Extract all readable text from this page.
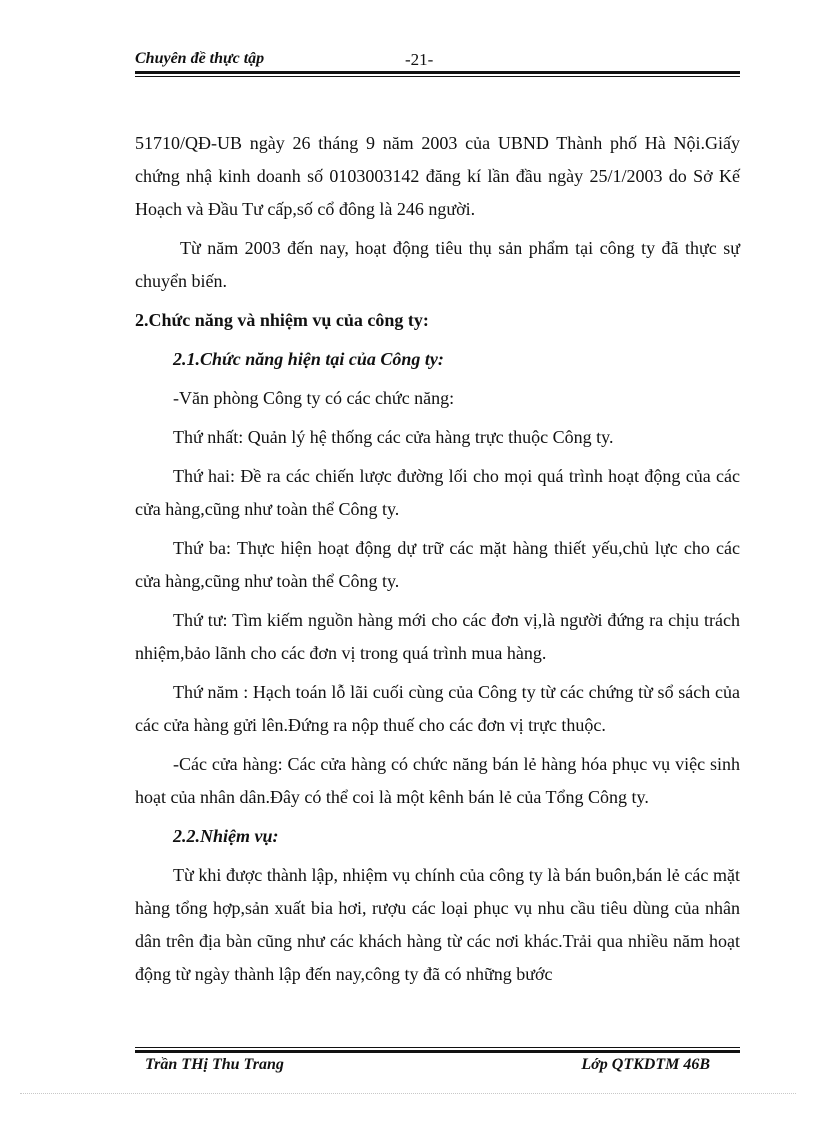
Chuyên đề thực tập	-21-

51710/QĐ-UB ngày 26 tháng 9 năm 2003 của UBND Thành phố Hà Nội.Giấy chứng nhậ kinh doanh số 0103003142 đăng kí lần đầu ngày 25/1/2003 do Sở Kế Hoạch và Đầu Tư cấp,số cổ đông là 246 người.

Từ năm 2003 đến nay, hoạt động tiêu thụ sản phẩm tại công ty đã thực sự chuyển biến.

2.Chức năng và nhiệm vụ của công ty:

2.1.Chức năng hiện tại của Công ty:

-Văn phòng Công ty có các chức năng:

Thứ nhất: Quản lý hệ thống các cửa hàng trực thuộc Công ty.

Thứ hai: Đề ra các chiến lược đường lối cho mọi quá trình hoạt động của các cửa hàng,cũng như toàn thể Công ty.

Thứ ba: Thực hiện hoạt động dự trữ các mặt hàng thiết yếu,chủ lực cho các cửa hàng,cũng như toàn thể Công ty.

Thứ tư: Tìm kiếm nguồn hàng mới cho các đơn vị,là người đứng ra chịu trách nhiệm,bảo lãnh cho các đơn vị trong quá trình mua hàng.

Thứ năm : Hạch toán lỗ lãi cuối cùng của Công ty từ các chứng từ sổ sách của các cửa hàng gửi lên.Đứng ra nộp thuế cho các đơn vị trực thuộc.

-Các cửa hàng: Các cửa hàng có chức năng bán lẻ hàng hóa phục vụ việc sinh hoạt của nhân dân.Đây có thể coi là một kênh bán lẻ của Tổng Công ty.

2.2.Nhiệm vụ:

Từ khi được thành lập, nhiệm vụ chính của công ty là bán buôn,bán lẻ các mặt hàng tổng hợp,sản xuất bia hơi, rượu các loại phục vụ nhu cầu tiêu dùng của nhân dân trên địa bàn cũng như các khách hàng từ các nơi khác.Trải qua nhiều năm hoạt động từ ngày thành lập đến nay,công ty đã có những bước

Trần THị Thu Trang	Lớp QTKDTM 46B
